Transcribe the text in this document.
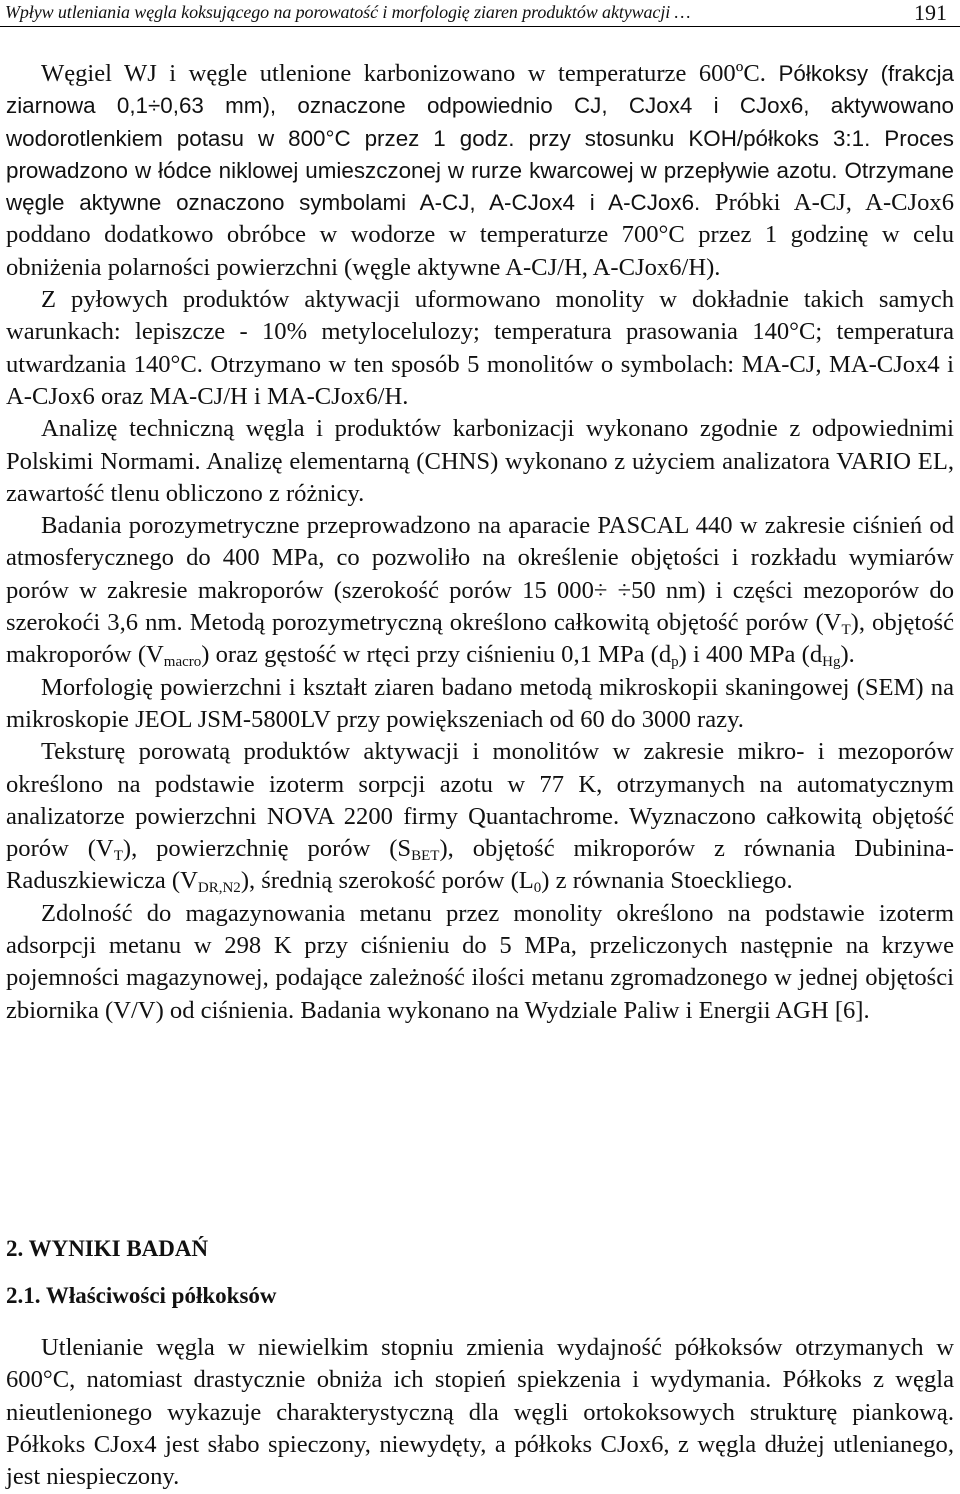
Wpływ utleniania węgla koksującego na porowatość i morfologię ziaren produktów aktywacji …	191

Węgiel WJ i węgle utlenione karbonizowano w temperaturze 600ºC. Półkoksy (frakcja ziarnowa 0,1÷0,63 mm), oznaczone odpowiednio CJ, CJox4 i CJox6, aktywowano wodorotlenkiem potasu w 800°C przez 1 godz. przy stosunku KOH/półkoks 3:1. Proces prowadzono w łódce niklowej umieszczonej w rurze kwarcowej w przepływie azotu. Otrzymane węgle aktywne oznaczono symbolami A-CJ, A-CJox4 i A-CJox6. Próbki A-CJ, A-CJox6 poddano dodatkowo obróbce w wodorze w temperaturze 700°C przez 1 godzinę w celu obniżenia polarności powierzchni (węgle aktywne A-CJ/H, A-CJox6/H).

Z pyłowych produktów aktywacji uformowano monolity w dokładnie takich samych warunkach: lepiszcze - 10% metylocelulozy; temperatura prasowania 140°C; temperatura utwardzania 140°C. Otrzymano w ten sposób 5 monolitów o symbolach: MA-CJ, MA-CJox4 i A-CJox6 oraz MA-CJ/H i MA-CJox6/H.

Analizę techniczną węgla i produktów karbonizacji wykonano zgodnie z odpowiednimi Polskimi Normami. Analizę elementarną (CHNS) wykonano z użyciem analizatora VARIO EL, zawartość tlenu obliczono z różnicy.

Badania porozymetryczne przeprowadzono na aparacie PASCAL 440 w zakresie ciśnień od atmosferycznego do 400 MPa, co pozwoliło na określenie objętości i rozkładu wymiarów porów w zakresie makroporów (szerokość porów 15 000÷ ÷50 nm) i części mezoporów do szerokoći 3,6 nm. Metodą porozymetryczną określono całkowitą objętość porów $(V_T)$, objętość makroporów $(V_{macro})$ oraz gęstość w rtęci przy ciśnieniu 0,1 MPa $(d_p)$ i 400 MPa $(d_{Hg})$.

Morfologię powierzchni i kształt ziaren badano metodą mikroskopii skaningowej (SEM) na mikroskopie JEOL JSM-5800LV przy powiększeniach od 60 do 3000 razy.

Teksturę porowatą produktów aktywacji i monolitów w zakresie mikro- i mezoporów określono na podstawie izoterm sorpcji azotu w 77 K, otrzymanych na automatycznym analizatorze powierzchni NOVA 2200 firmy Quantachrome. Wyznaczono całkowitą objętość porów $(V_T)$, powierzchnię porów $(S_{BET})$, objętość mikroporów z równania Dubinina-Raduszkiewicza $(V_{DR,N2})$, średnią szerokość porów $(L_0)$ z równania Stoeckliego.

Zdolność do magazynowania metanu przez monolity określono na podstawie izoterm adsorpcji metanu w 298 K przy ciśnieniu do 5 MPa, przeliczonych następnie na krzywe pojemności magazynowej, podające zależność ilości metanu zgromadzonego w jednej objętości zbiornika (V/V) od ciśnienia. Badania wykonano na Wydziale Paliw i Energii AGH [6].

2. WYNIKI BADAŃ
2.1. Właściwości półkoksów

Utlenianie węgla w niewielkim stopniu zmienia wydajność półkoksów otrzymanych w 600°C, natomiast drastycznie obniża ich stopień spiekzenia i wydymania. Półkoks z węgla nieutlenionego wykazuje charakterystyczną dla węgli ortokoksowych strukturę piankową. Półkoks CJox4 jest słabo spieczony, niewydęty, a półkoks CJox6, z węgla dłużej utlenianego, jest niespieczony.
